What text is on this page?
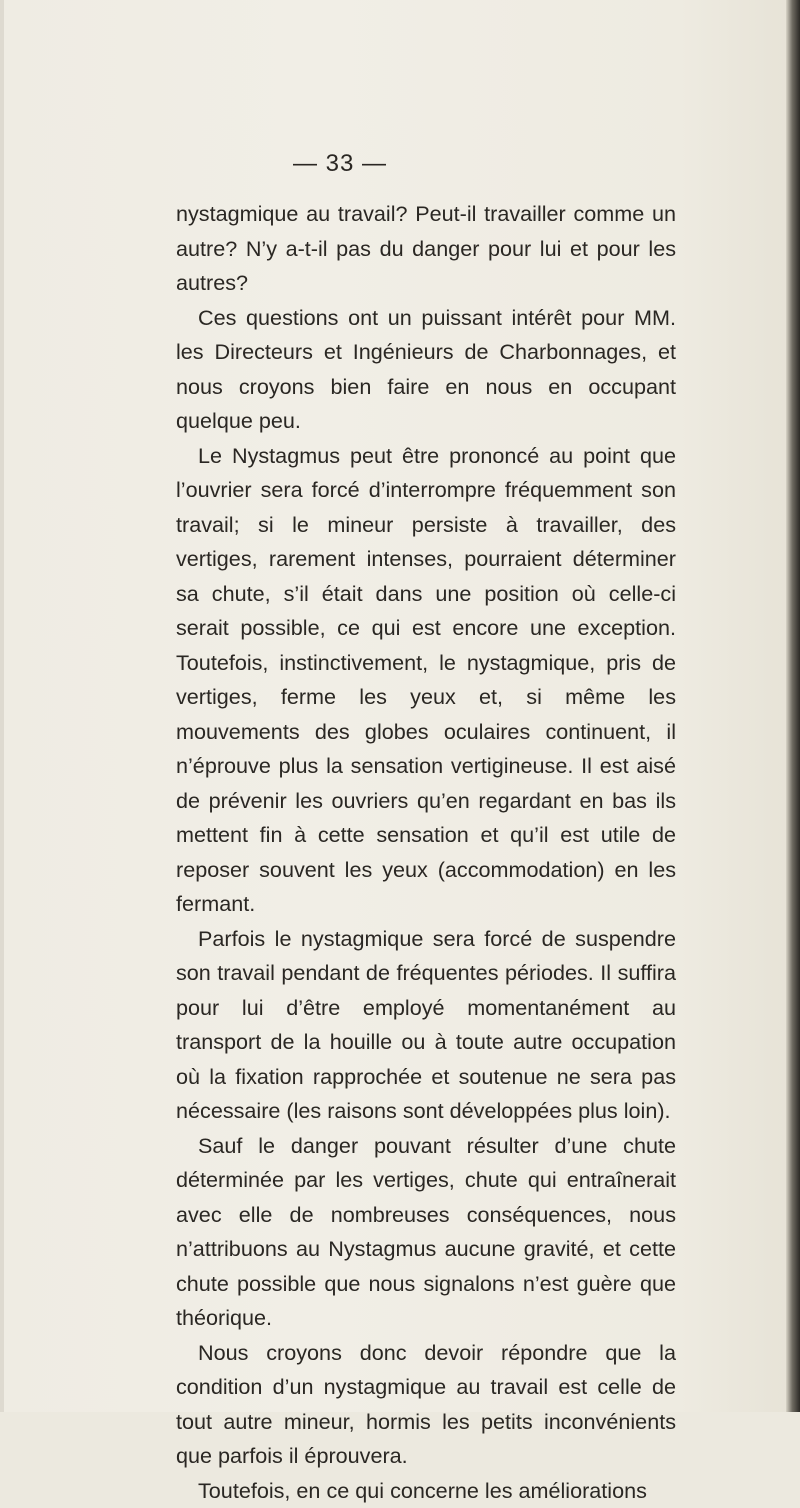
— 33 —

nystagmique au travail? Peut-il travailler comme un autre? N’y a-t-il pas du danger pour lui et pour les autres?

Ces questions ont un puissant intérêt pour MM. les Directeurs et Ingénieurs de Charbonnages, et nous croyons bien faire en nous en occupant quelque peu.

Le Nystagmus peut être prononcé au point que l’ouvrier sera forcé d’interrompre fréquemment son travail; si le mineur persiste à travailler, des vertiges, rarement intenses, pourraient déterminer sa chute, s’il était dans une position où celle-ci serait possible, ce qui est encore une exception. Toutefois, instinctivement, le nystagmique, pris de vertiges, ferme les yeux et, si même les mouvements des globes oculaires continuent, il n’éprouve plus la sensation vertigineuse. Il est aisé de prévenir les ouvriers qu’en regardant en bas ils mettent fin à cette sensation et qu’il est utile de reposer souvent les yeux (accommodation) en les fermant.

Parfois le nystagmique sera forcé de suspendre son travail pendant de fréquentes périodes. Il suffira pour lui d’être employé momentanément au transport de la houille ou à toute autre occupation où la fixation rapprochée et soutenue ne sera pas nécessaire (les raisons sont développées plus loin).

Sauf le danger pouvant résulter d’une chute déterminée par les vertiges, chute qui entraînerait avec elle de nombreuses conséquences, nous n’attribuons au Nystagmus aucune gravité, et cette chute possible que nous signalons n’est guère que théorique.

Nous croyons donc devoir répondre que la condition d’un nystagmique au travail est celle de tout autre mineur, hormis les petits inconvénients que parfois il éprouvera.

Toutefois, en ce qui concerne les améliorations
